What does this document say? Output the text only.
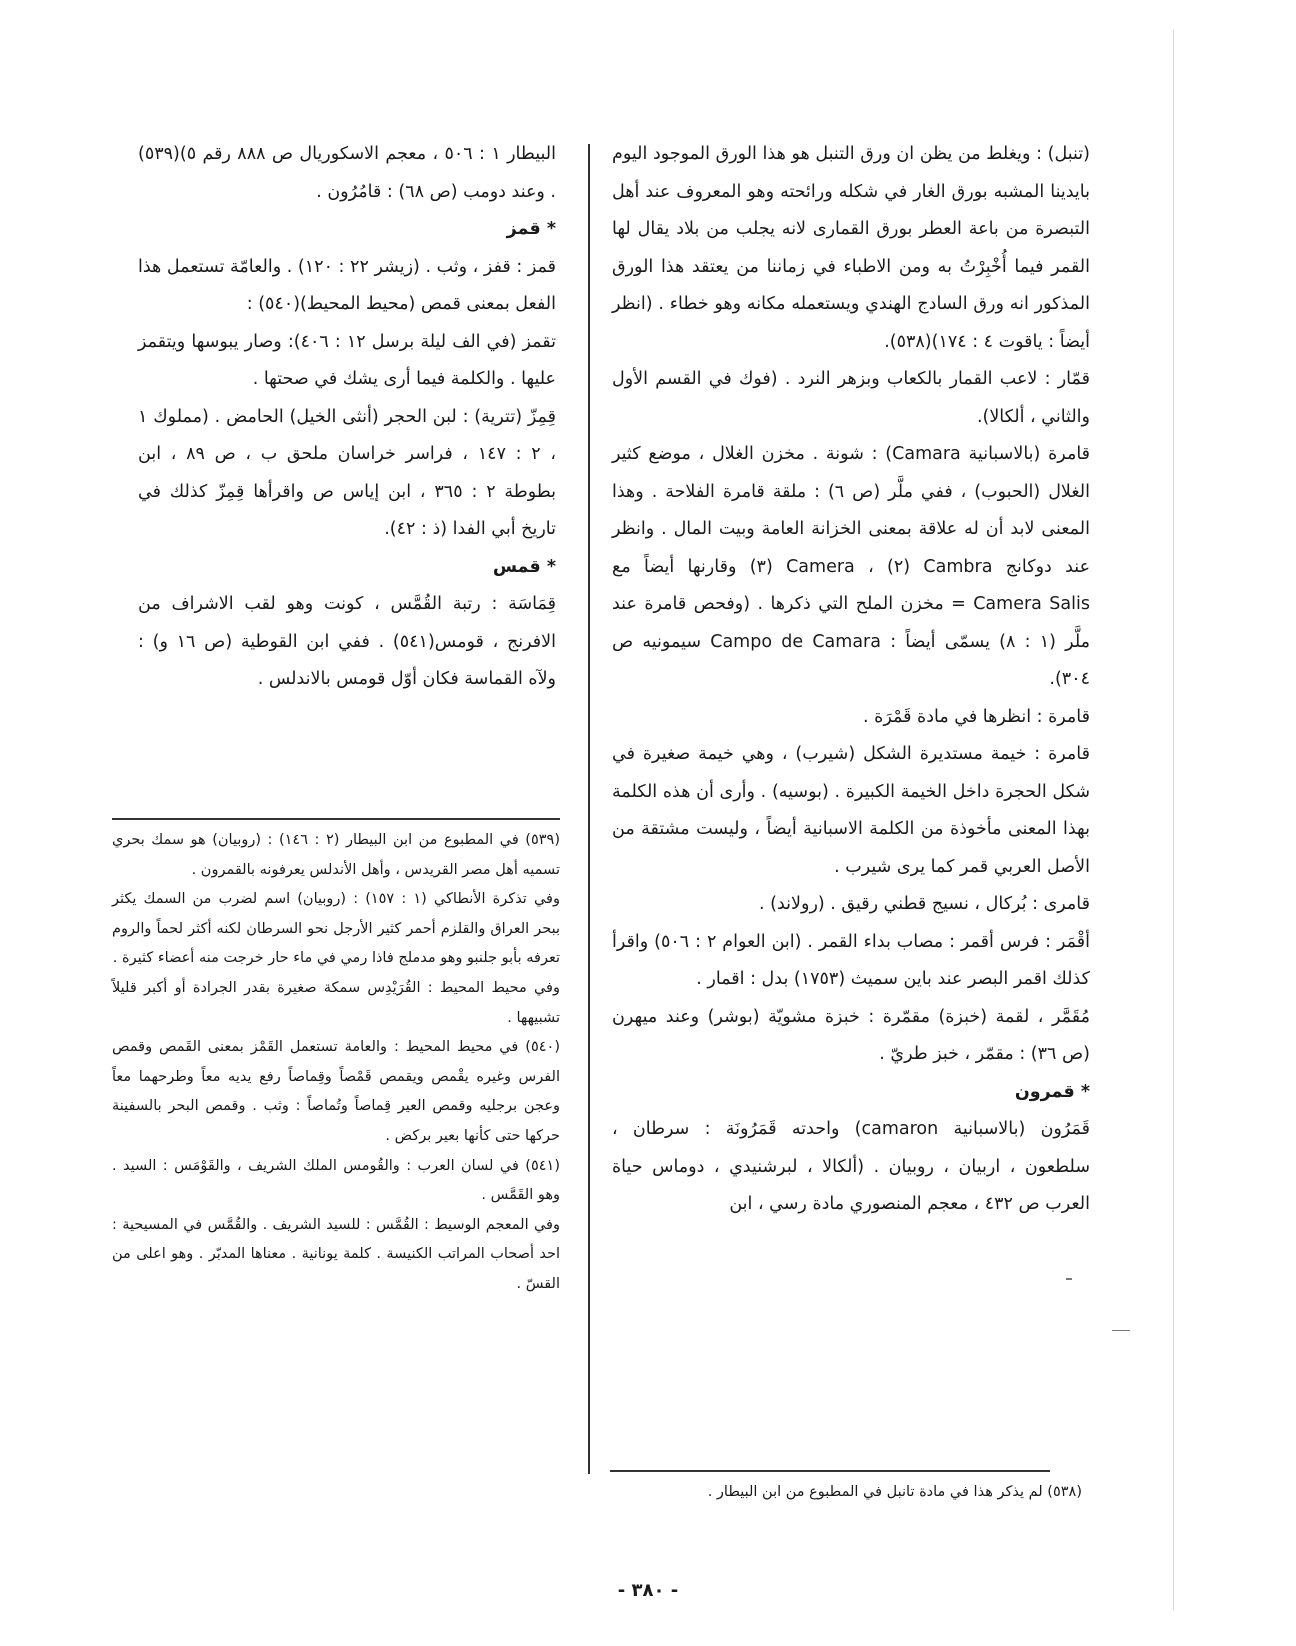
(تنبل) : ويغلط من يظن ان ورق التنبل هو هذا الورق الموجود اليوم بايدينا المشبه بورق الغار في شكله ورائحته وهو المعروف عند أهل التبصرة من باعة العطر بورق القمارى لانه يجلب من بلاد يقال لها القمر فيما أُخْبِرْتُ به ومن الاطباء في زماننا من يعتقد هذا الورق المذكور انه ورق السادج الهندي ويستعمله مكانه وهو خطاء . (انظر أيضاً : ياقوت ٤ : ١٧٤)(٥٣٨).

قمّار : لاعب القمار بالكعاب وبزهر النرد . (فوك في القسم الأول والثاني ، ألكالا).

قامرة (بالاسبانية Camara) : شونة . مخزن الغلال ، موضع كثير الغلال (الحبوب) ، ففي ملَّر (ص ٦) : ملقة قامرة الفلاحة . وهذا المعنى لابد أن له علاقة بمعنى الخزانة العامة وبيت المال . وانظر عند دوكانج Cambra (٢) ، Camera (٣) وقارنها أيضاً مع Camera Salis = مخزن الملح التي ذكرها . (وفحص قامرة عند ملَّر (١ : ٨) يسمّى أيضاً : Campo de Camara سيمونيه ص ٣٠٤).

قامرة : انظرها في مادة قَمْرَة .

قامرة : خيمة مستديرة الشكل (شيرب) ، وهي خيمة صغيرة في شكل الحجرة داخل الخيمة الكبيرة . (بوسيه) . وأرى أن هذه الكلمة بهذا المعنى مأخوذة من الكلمة الاسبانية أيضاً ، وليست مشتقة من الأصل العربي قمر كما يرى شيرب .

قامرى : بُركال ، نسيج قطني رقيق . (رولاند) .

أقْمَر : فرس أقمر : مصاب بداء القمر . (ابن العوام ٢ : ٥٠٦) واقرأ كذلك اقمر البصر عند باين سميث (١٧٥٣) بدل : اقمار .

مُقَمَّر ، لقمة (خبزة) مقمّرة : خبزة مشويّة (بوشر) وعند ميهرن (ص ٣٦) : مقمّر ، خبز طريّ .

* قمرون

قَمَرُون (بالاسبانية camaron) واحدته قَمَرُونَة : سرطان ، سلطعون ، اربيان ، روبيان . (ألكالا ، لبرشنيدي ، دوماس حياة العرب ص ٤٣٢ ، معجم المنصوري مادة رسي ، ابن

البيطار ١ : ٥٠٦ ، معجم الاسكوريال ص ٨٨٨ رقم ٥)(٥٣٩) . وعند دومب (ص ٦٨) : قامُرُون .

* قمز

قمز : قفز ، وثب . (زيشر ٢٢ : ١٢٠) . والعامّة تستعمل هذا الفعل بمعنى قمص (محيط المحيط)(٥٤٠) :

تقمز (في الف ليلة برسل ١٢ : ٤٠٦): وصار يبوسها ويتقمز عليها . والكلمة فيما أرى يشك في صحتها .

قِمِزّ (تترية) : لبن الحجر (أنثى الخيل) الحامض . (مملوك ١ ، ٢ : ١٤٧ ، فراسر خراسان ملحق ب ، ص ٨٩ ، ابن بطوطة ٢ : ٣٦٥ ، ابن إياس ص واقرأها قِمِزّ كذلك في تاريخ أبي الفدا (ذ : ٤٢).

* قمس

قِمَاسَة : رتبة القُمَّس ، كونت وهو لقب الاشراف من الافرنج ، قومس(٥٤١) . ففي ابن القوطية (ص ١٦ و) : ولآه القماسة فكان أوّل قومس بالاندلس .

(٥٣٩) في المطبوع من ابن البيطار (٢ : ١٤٦) : (روبيان) هو سمك بحري تسميه أهل مصر القريدس ، وأهل الأندلس يعرفونه بالقمرون .

وفي تذكرة الأنطاكي (١ : ١٥٧) : (روبيان) اسم لضرب من السمك يكثر ببحر العراق والقلزم أحمر كثير الأرجل نحو السرطان لكنه أكثر لحماً والروم تعرفه بأبو جلنبو وهو مدملج فاذا رمي في ماء حار خرجت منه أعضاء كثيرة .

وفي محيط المحيط : القُرَيْدِس سمكة صغيرة بقدر الجرادة أو أكبر قليلاً تشبيهها .

(٥٤٠) في محيط المحيط : والعامة تستعمل القَمْز بمعنى القَمص وقمص الفرس وغيره يقْمص ويقمص قَمْصاً وقِماصاً رفع يديه معاً وطرحهما معاً وعجن برجليه وقمص العير قِماصاً وتُماصاً : وثب . وقمص البحر بالسفينة حركها حتى كأنها بعير بركض .

(٥٤١) في لسان العرب : والقُومس الملك الشريف ، والقَوْمَس : السيد . وهو القَمَّس .

وفي المعجم الوسيط : القُمَّس : للسيد الشريف . والقُمَّس في المسيحية : احد أصحاب المراتب الكنيسة . كلمة يونانية . معناها المدبّر . وهو اعلى من القسّ .

(٥٣٨) لم يذكر هذا في مادة تانبل في المطبوع من ابن البيطار .

- ٣٨٠ -
